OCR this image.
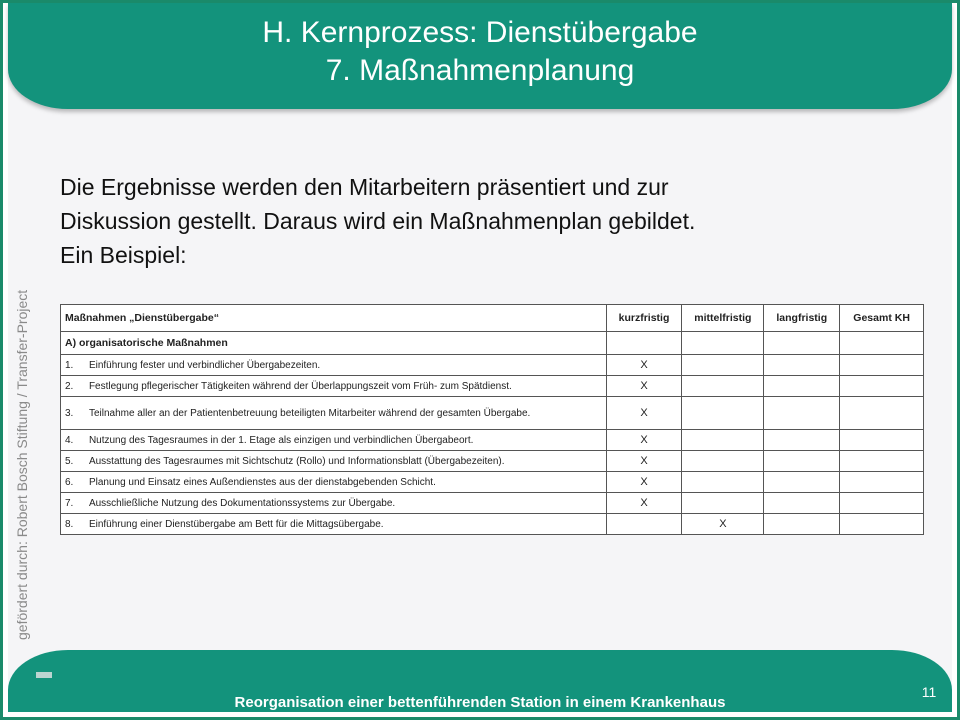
H. Kernprozess: Dienstübergabe
7. Maßnahmenplanung
gefördert durch: Robert Bosch Stiftung / Transfer-Project

Die Ergebnisse werden den Mitarbeitern präsentiert und zur

Diskussion gestellt. Daraus wird ein Maßnahmenplan gebildet.

Ein Beispiel:

Maßnahmen „Dienstübergabe“		kurzfristig	mittelfristig	langfristig	Gesamt KH
A) organisatorische Maßnahmen					
1.	Einführung fester und verbindlicher Übergabezeiten.	X			
2.	Festlegung pflegerischer Tätigkeiten während der Überlappungszeit vom Früh- zum Spätdienst.	X			
3.	Teilnahme aller an der Patientenbetreuung beteiligten Mitarbeiter während der gesamten Übergabe.	X			
4.	Nutzung des Tagesraumes in der 1. Etage als einzigen und verbindlichen Übergabeort.	X			
5.	Ausstattung des Tagesraumes mit Sichtschutz (Rollo) und Informationsblatt (Übergabezeiten).	X			
6.	Planung und Einsatz eines Außendienstes aus der dienstabgebenden Schicht.	X			
7.	Ausschließliche Nutzung des Dokumentationssystems zur Übergabe.	X			
8.	Einführung einer Dienstübergabe am Bett für die Mittagsübergabe.		X		
Reorganisation einer bettenführenden Station in einem Krankenhaus
11
